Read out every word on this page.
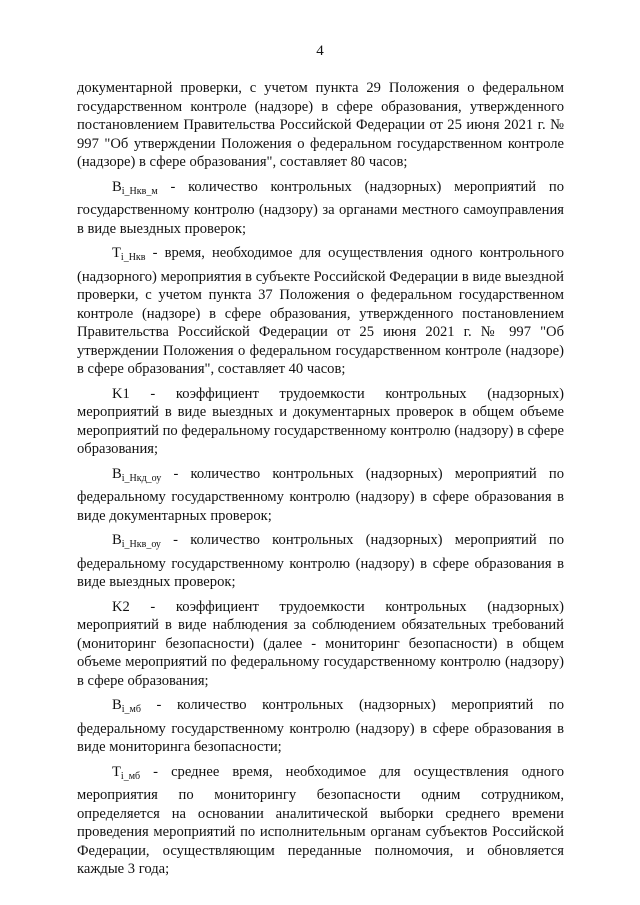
4

документарной проверки, с учетом пункта 29 Положения о федеральном государственном контроле (надзоре) в сфере образования, утвержденного постановлением Правительства Российской Федерации от 25 июня 2021 г. № 997 "Об утверждении Положения о федеральном государственном контроле (надзоре) в сфере образования", составляет 80 часов;

$B_{i\_Нкв\_м}$ - количество контрольных (надзорных) мероприятий по государственному контролю (надзору) за органами местного самоуправления в виде выездных проверок;

$T_{i\_Нкв}$ - время, необходимое для осуществления одного контрольного (надзорного) мероприятия в субъекте Российской Федерации в виде выездной проверки, с учетом пункта 37 Положения о федеральном государственном контроле (надзоре) в сфере образования, утвержденного постановлением Правительства Российской Федерации от 25 июня 2021 г. № 997 "Об утверждении Положения о федеральном государственном контроле (надзоре) в сфере образования", составляет 40 часов;

K1 - коэффициент трудоемкости контрольных (надзорных) мероприятий в виде выездных и документарных проверок в общем объеме мероприятий по федеральному государственному контролю (надзору) в сфере образования;

$B_{i\_Нкд\_оу}$ - количество контрольных (надзорных) мероприятий по федеральному государственному контролю (надзору) в сфере образования в виде документарных проверок;

$B_{i\_Нкв\_оу}$ - количество контрольных (надзорных) мероприятий по федеральному государственному контролю (надзору) в сфере образования в виде выездных проверок;

K2 - коэффициент трудоемкости контрольных (надзорных) мероприятий в виде наблюдения за соблюдением обязательных требований (мониторинг безопасности) (далее - мониторинг безопасности) в общем объеме мероприятий по федеральному государственному контролю (надзору) в сфере образования;

$B_{i\_мб}$ - количество контрольных (надзорных) мероприятий по федеральному государственному контролю (надзору) в сфере образования в виде мониторинга безопасности;

$T_{i\_мб}$ - среднее время, необходимое для осуществления одного мероприятия по мониторингу безопасности одним сотрудником, определяется на основании аналитической выборки среднего времени проведения мероприятий по исполнительным органам субъектов Российской Федерации, осуществляющим переданные полномочия, и обновляется каждые 3 года;
